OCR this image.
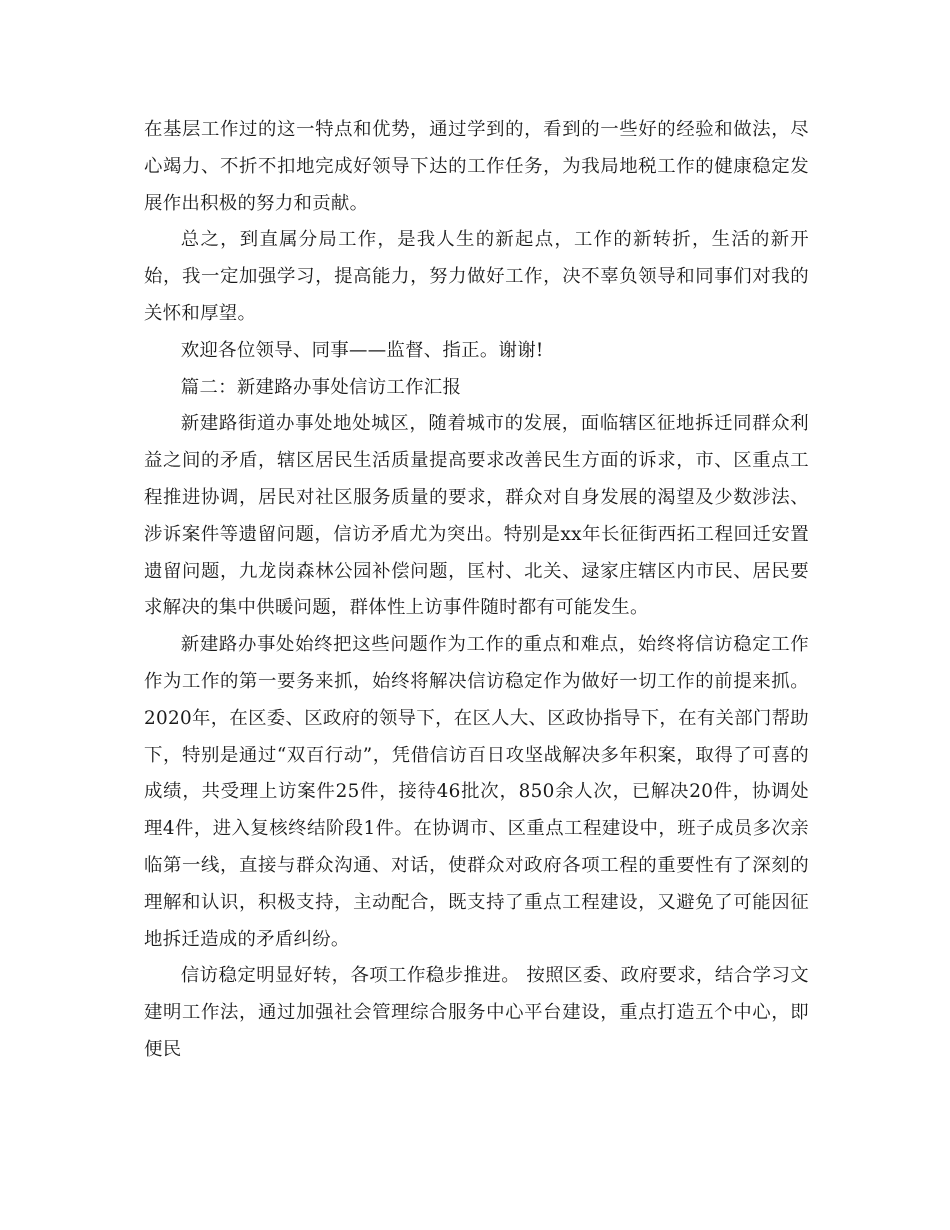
在基层工作过的这一特点和优势，通过学到的，看到的一些好的经验和做法，尽心竭力、不折不扣地完成好领导下达的工作任务，为我局地税工作的健康稳定发展作出积极的努力和贡献。

总之，到直属分局工作，是我人生的新起点，工作的新转折，生活的新开始，我一定加强学习，提高能力，努力做好工作，决不辜负领导和同事们对我的关怀和厚望。

欢迎各位领导、同事——监督、指正。谢谢!

篇二：新建路办事处信访工作汇报

新建路街道办事处地处城区，随着城市的发展，面临辖区征地拆迁同群众利益之间的矛盾，辖区居民生活质量提高要求改善民生方面的诉求，市、区重点工程推进协调，居民对社区服务质量的要求，群众对自身发展的渴望及少数涉法、涉诉案件等遗留问题，信访矛盾尤为突出。特别是xx年长征街西拓工程回迁安置遗留问题，九龙岗森林公园补偿问题，匡村、北关、逯家庄辖区内市民、居民要求解决的集中供暖问题，群体性上访事件随时都有可能发生。

新建路办事处始终把这些问题作为工作的重点和难点，始终将信访稳定工作作为工作的第一要务来抓，始终将解决信访稳定作为做好一切工作的前提来抓。2020年，在区委、区政府的领导下，在区人大、区政协指导下，在有关部门帮助下，特别是通过“双百行动”，凭借信访百日攻坚战解决多年积案，取得了可喜的成绩，共受理上访案件25件，接待46批次，850余人次，已解决20件，协调处理4件，进入复核终结阶段1件。在协调市、区重点工程建设中，班子成员多次亲临第一线，直接与群众沟通、对话，使群众对政府各项工程的重要性有了深刻的理解和认识，积极支持，主动配合，既支持了重点工程建设，又避免了可能因征地拆迁造成的矛盾纠纷。

信访稳定明显好转，各项工作稳步推进。 按照区委、政府要求，结合学习文建明工作法，通过加强社会管理综合服务中心平台建设，重点打造五个中心，即便民
